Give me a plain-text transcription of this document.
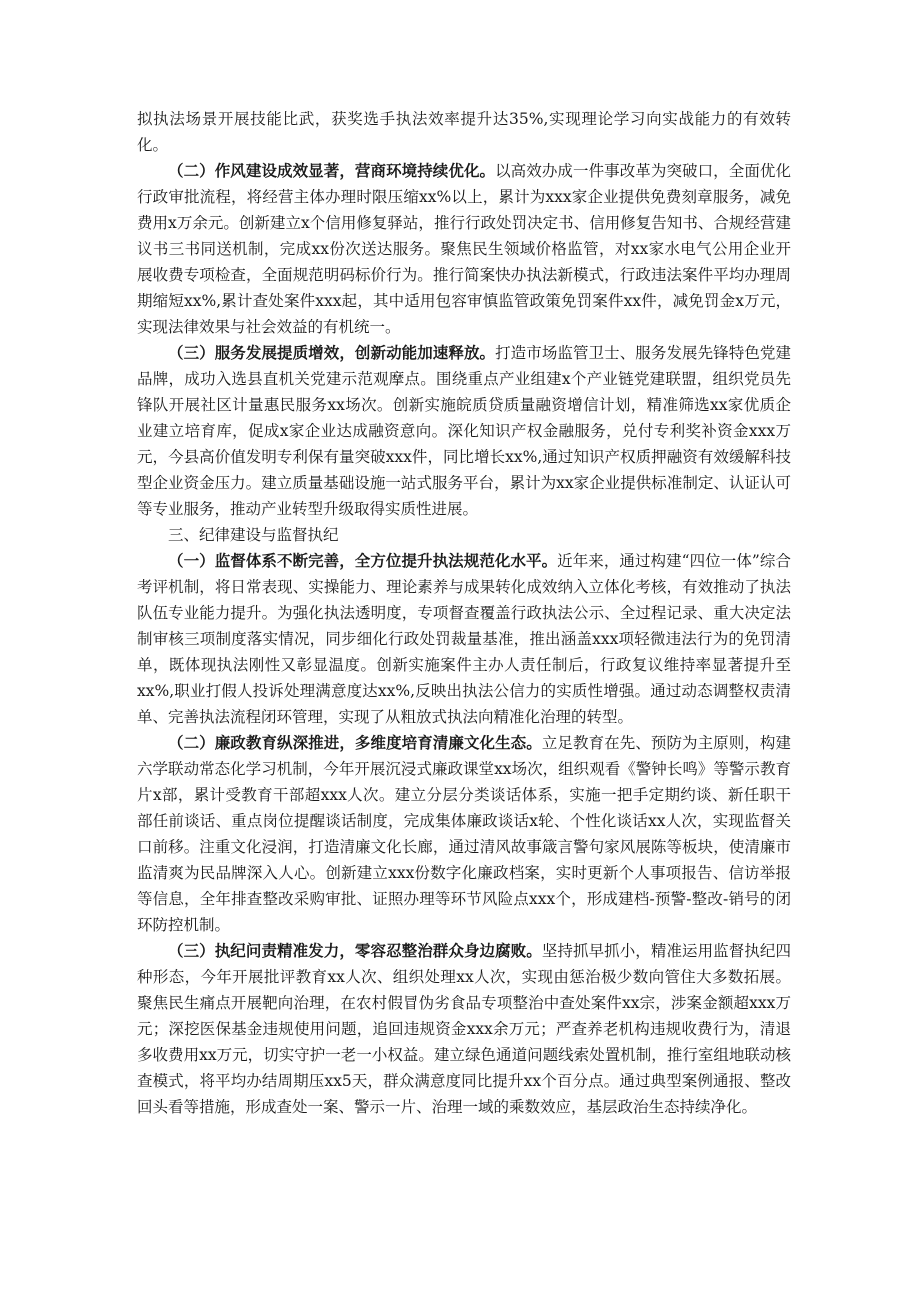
拟执法场景开展技能比武，获奖选手执法效率提升达35%,实现理论学习向实战能力的有效转化。

（二）作风建设成效显著，营商环境持续优化。以高效办成一件事改革为突破口，全面优化行政审批流程，将经营主体办理时限压缩xx%以上，累计为xxx家企业提供免费刻章服务，减免费用x万余元。创新建立x个信用修复驿站，推行行政处罚决定书、信用修复告知书、合规经营建议书三书同送机制，完成xx份次送达服务。聚焦民生领域价格监管，对xx家水电气公用企业开展收费专项检查，全面规范明码标价行为。推行简案快办执法新模式，行政违法案件平均办理周期缩短xx%,累计查处案件xxx起，其中适用包容审慎监管政策免罚案件xx件，减免罚金x万元，实现法律效果与社会效益的有机统一。

（三）服务发展提质增效，创新动能加速释放。打造市场监管卫士、服务发展先锋特色党建品牌，成功入选县直机关党建示范观摩点。围绕重点产业组建x个产业链党建联盟，组织党员先锋队开展社区计量惠民服务xx场次。创新实施皖质贷质量融资增信计划，精准筛选xx家优质企业建立培育库，促成x家企业达成融资意向。深化知识产权金融服务，兑付专利奖补资金xxx万元，今县高价值发明专利保有量突破xxx件，同比增长xx%,通过知识产权质押融资有效缓解科技型企业资金压力。建立质量基础设施一站式服务平台，累计为xx家企业提供标准制定、认证认可等专业服务，推动产业转型升级取得实质性进展。

三、纪律建设与监督执纪

（一）监督体系不断完善，全方位提升执法规范化水平。近年来，通过构建“四位一体”综合考评机制，将日常表现、实操能力、理论素养与成果转化成效纳入立体化考核，有效推动了执法队伍专业能力提升。为强化执法透明度，专项督查覆盖行政执法公示、全过程记录、重大决定法制审核三项制度落实情况，同步细化行政处罚裁量基准，推出涵盖xxx项轻微违法行为的免罚清单，既体现执法刚性又彰显温度。创新实施案件主办人责任制后，行政复议维持率显著提升至xx%,职业打假人投诉处理满意度达xx%,反映出执法公信力的实质性增强。通过动态调整权责清单、完善执法流程闭环管理，实现了从粗放式执法向精准化治理的转型。

（二）廉政教育纵深推进，多维度培育清廉文化生态。立足教育在先、预防为主原则，构建六学联动常态化学习机制，今年开展沉浸式廉政课堂xx场次，组织观看《警钟长鸣》等警示教育片x部，累计受教育干部超xxx人次。建立分层分类谈话体系，实施一把手定期约谈、新任职干部任前谈话、重点岗位提醒谈话制度，完成集体廉政谈话x轮、个性化谈话xx人次，实现监督关口前移。注重文化浸润，打造清廉文化长廊，通过清风故事箴言警句家风展陈等板块，使清廉市监清爽为民品牌深入人心。创新建立xxx份数字化廉政档案，实时更新个人事项报告、信访举报等信息，全年排查整改采购审批、证照办理等环节风险点xxx个，形成建档-预警-整改-销号的闭环防控机制。

（三）执纪问责精准发力，零容忍整治群众身边腐败。坚持抓早抓小，精准运用监督执纪四种形态，今年开展批评教育xx人次、组织处理xx人次，实现由惩治极少数向管住大多数拓展。聚焦民生痛点开展靶向治理，在农村假冒伪劣食品专项整治中查处案件xx宗，涉案金额超xxx万元；深挖医保基金违规使用问题，追回违规资金xxx余万元；严查养老机构违规收费行为，清退多收费用xx万元，切实守护一老一小权益。建立绿色通道问题线索处置机制，推行室组地联动核查模式，将平均办结周期压xx5天，群众满意度同比提升xx个百分点。通过典型案例通报、整改回头看等措施，形成查处一案、警示一片、治理一域的乘数效应，基层政治生态持续净化。
